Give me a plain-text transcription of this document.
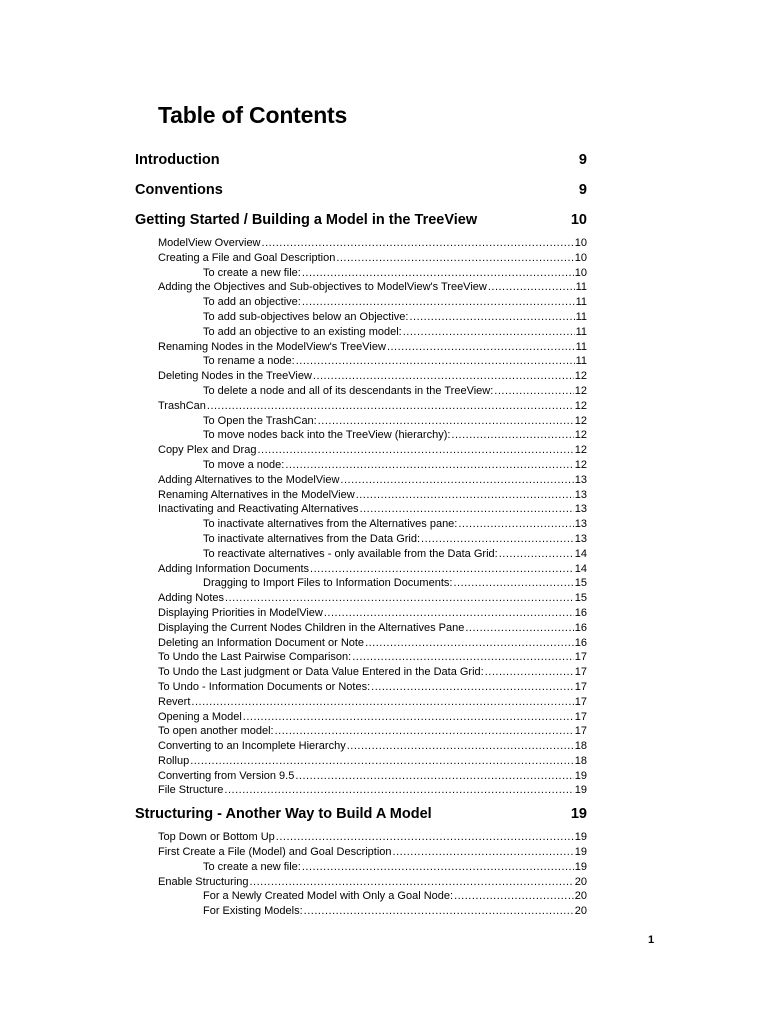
Table of Contents
Introduction	9
Conventions	9
Getting Started / Building a Model in the TreeView	10
ModelView Overview .....	10
Creating a File and Goal Description .....	10
To create a new file: .....	10
Adding the Objectives and Sub-objectives to ModelView's TreeView .....	11
To add an objective: .....	11
To add sub-objectives below an Objective: .....	11
To add an objective to an existing model: .....	11
Renaming Nodes in the ModelView's TreeView .....	11
To rename a node: .....	11
Deleting Nodes in the TreeView .....	12
To delete a node and all of its descendants in the TreeView: .....	12
TrashCan .....	12
To Open the TrashCan: .....	12
To move nodes back into the TreeView (hierarchy): .....	12
Copy Plex and Drag .....	12
To move a node: .....	12
Adding Alternatives to the ModelView .....	13
Renaming Alternatives in the ModelView .....	13
Inactivating and Reactivating Alternatives .....	13
To inactivate alternatives from the Alternatives pane: .....	13
To inactivate alternatives from the Data Grid: .....	13
To reactivate alternatives - only available from the Data Grid: .....	14
Adding Information Documents .....	14
Dragging to Import Files to Information Documents: .....	15
Adding Notes .....	15
Displaying Priorities in ModelView .....	16
Displaying the Current Nodes Children in the Alternatives Pane .....	16
Deleting an Information Document or Note .....	16
To Undo the Last Pairwise Comparison: .....	17
To Undo the Last judgment or Data Value Entered in the Data Grid: .....	17
To Undo - Information Documents or Notes: .....	17
Revert .....	17
Opening a Model .....	17
To open another model: .....	17
Converting to an Incomplete Hierarchy .....	18
Rollup .....	18
Converting from Version 9.5 .....	19
File Structure .....	19
Structuring - Another Way to Build A Model	19
Top Down or Bottom Up .....	19
First Create a File (Model) and Goal Description .....	19
To create a new file: .....	19
Enable Structuring .....	20
For a Newly Created Model with Only a Goal Node: .....	20
For Existing Models: .....	20
1
